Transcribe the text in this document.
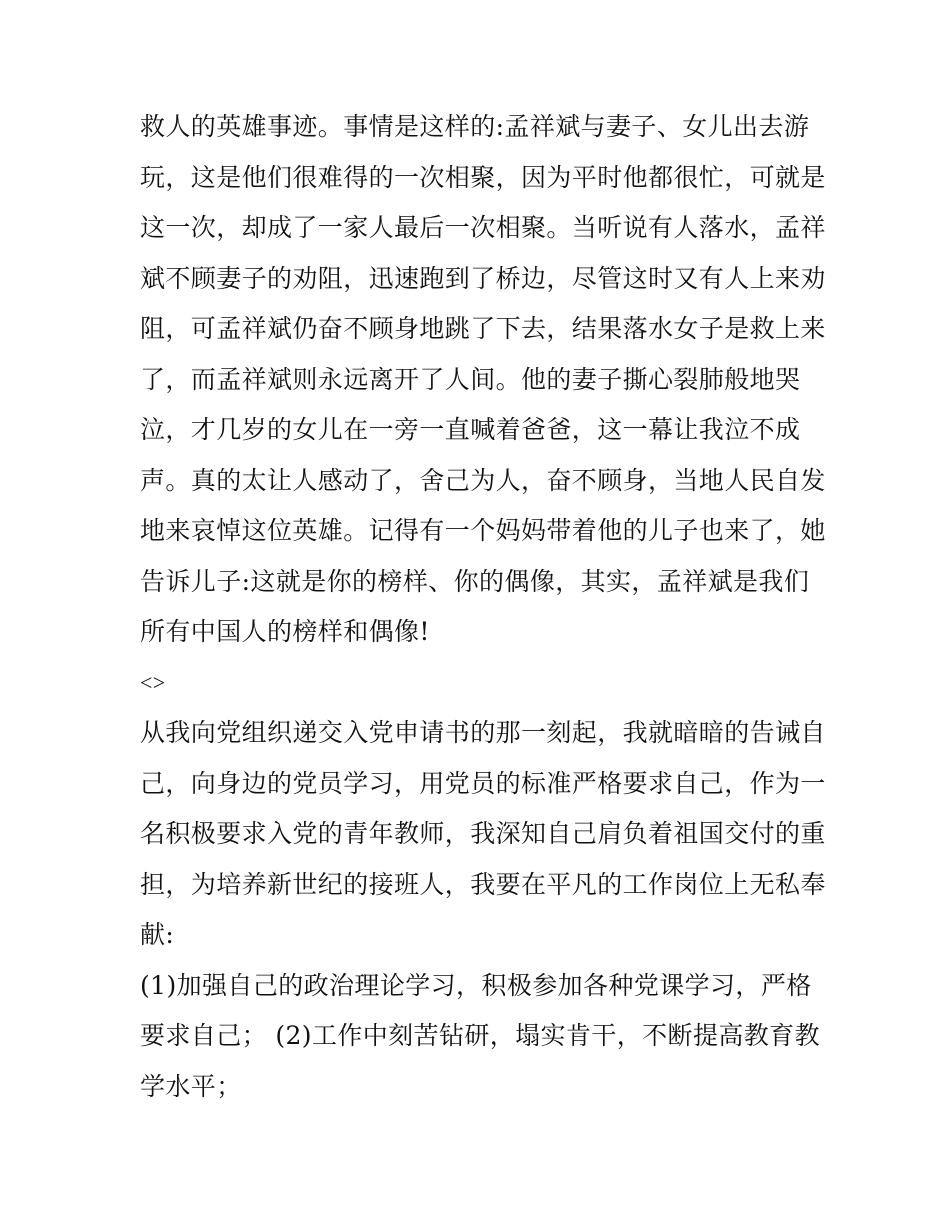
救人的英雄事迹。事情是这样的:孟祥斌与妻子、女儿出去游
玩，这是他们很难得的一次相聚，因为平时他都很忙，可就是
这一次，却成了一家人最后一次相聚。当听说有人落水，孟祥
斌不顾妻子的劝阻，迅速跑到了桥边，尽管这时又有人上来劝
阻，可孟祥斌仍奋不顾身地跳了下去，结果落水女子是救上来
了，而孟祥斌则永远离开了人间。他的妻子撕心裂肺般地哭
泣，才几岁的女儿在一旁一直喊着爸爸，这一幕让我泣不成
声。真的太让人感动了，舍己为人，奋不顾身，当地人民自发
地来哀悼这位英雄。记得有一个妈妈带着他的儿子也来了，她
告诉儿子:这就是你的榜样、你的偶像，其实，孟祥斌是我们
所有中国人的榜样和偶像!
<>
从我向党组织递交入党申请书的那一刻起，我就暗暗的告诫自
己，向身边的党员学习，用党员的标准严格要求自己，作为一
名积极要求入党的青年教师，我深知自己肩负着祖国交付的重
担，为培养新世纪的接班人，我要在平凡的工作岗位上无私奉
献:
(1)加强自己的政治理论学习，积极参加各种党课学习，严格
要求自己； (2)工作中刻苦钻研，塌实肯干，不断提高教育教
学水平；
